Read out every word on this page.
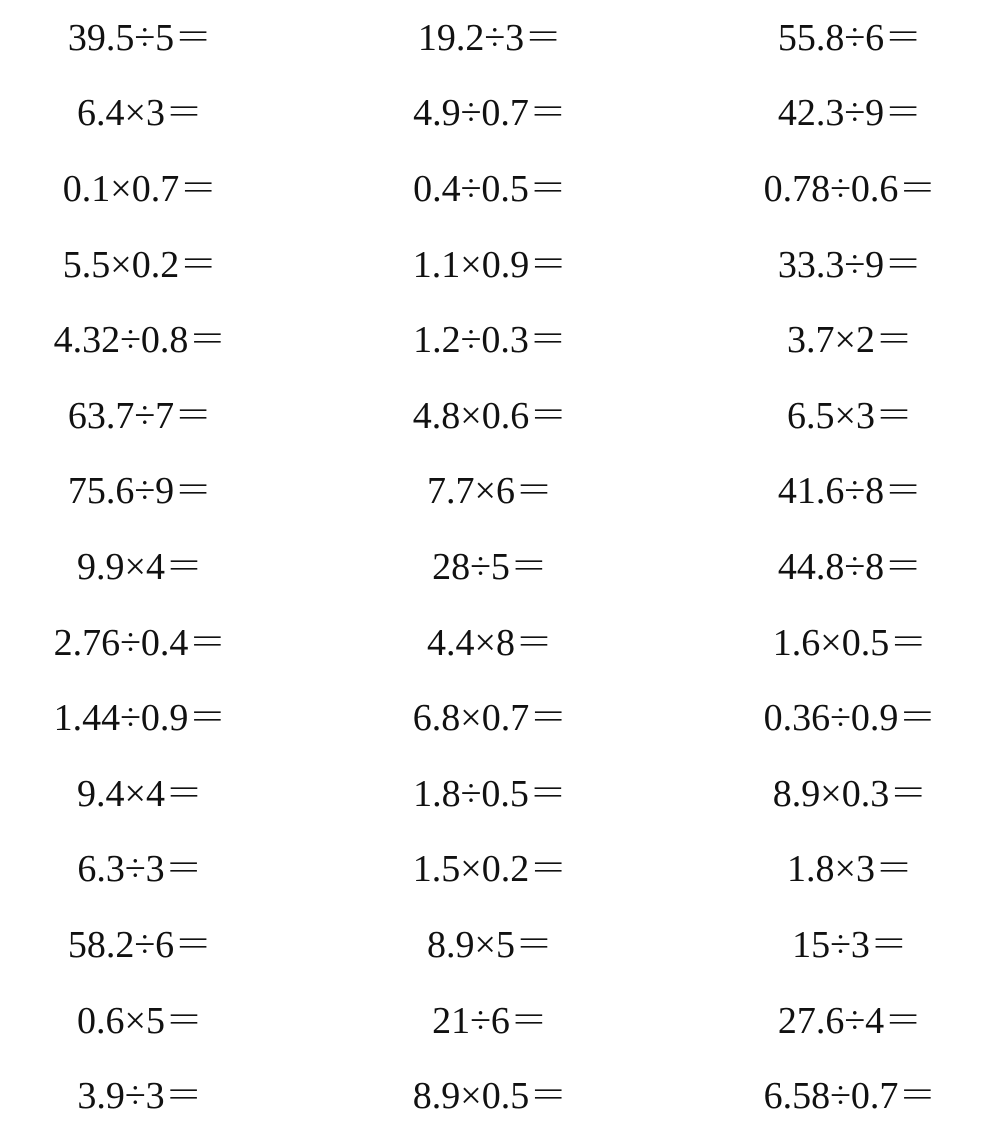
39.5÷5＝	19.2÷3＝	55.8÷6＝
6.4×3＝	4.9÷0.7＝	42.3÷9＝
0.1×0.7＝	0.4÷0.5＝	0.78÷0.6＝
5.5×0.2＝	1.1×0.9＝	33.3÷9＝
4.32÷0.8＝	1.2÷0.3＝	3.7×2＝
63.7÷7＝	4.8×0.6＝	6.5×3＝
75.6÷9＝	7.7×6＝	41.6÷8＝
9.9×4＝	28÷5＝	44.8÷8＝
2.76÷0.4＝	4.4×8＝	1.6×0.5＝
1.44÷0.9＝	6.8×0.7＝	0.36÷0.9＝
9.4×4＝	1.8÷0.5＝	8.9×0.3＝
6.3÷3＝	1.5×0.2＝	1.8×3＝
58.2÷6＝	8.9×5＝	15÷3＝
0.6×5＝	21÷6＝	27.6÷4＝
3.9÷3＝	8.9×0.5＝	6.58÷0.7＝
